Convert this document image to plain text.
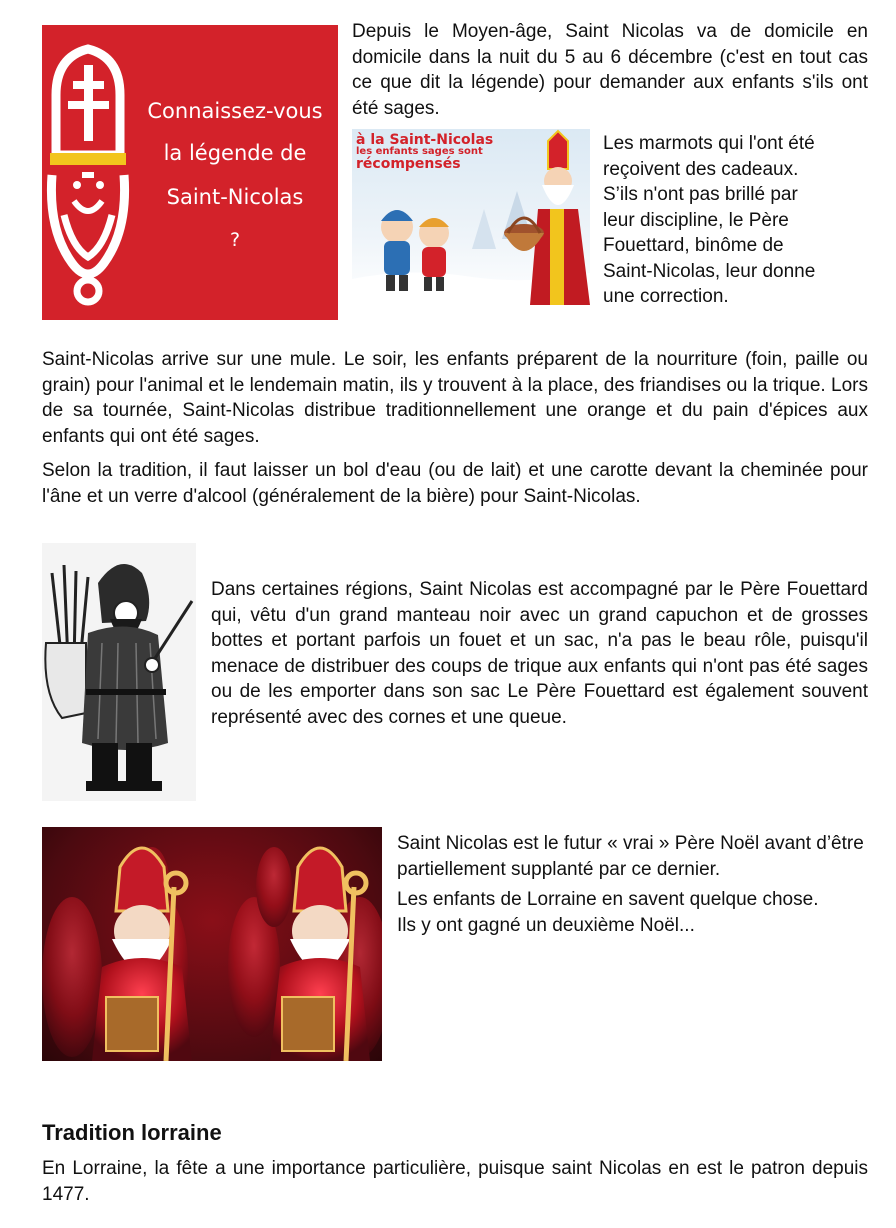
Connaissez-vous
la légende de
Saint-Nicolas
?

Depuis le Moyen-âge, Saint Nicolas va de domicile en domicile dans la nuit du 5 au 6 décembre (c'est en tout cas ce que dit la légende) pour demander aux enfants s'ils ont été sages.

à la Saint-Nicolas
les enfants sages sont
récompensés
Les marmots qui l'ont été
reçoivent des cadeaux.
S’ils n'ont pas brillé par
leur discipline, le Père
Fouettard, binôme de
Saint-Nicolas, leur donne
une correction.

Saint-Nicolas arrive sur une mule. Le soir, les enfants préparent de la nourriture (foin, paille ou grain) pour l'animal et le lendemain matin, ils y trouvent à la place, des friandises ou la trique. Lors de sa tournée, Saint-Nicolas distribue traditionnellement une orange et du pain d'épices aux enfants qui ont été sages.

Selon la tradition, il faut laisser un bol d'eau (ou de lait) et une carotte devant la cheminée pour l'âne et un verre d'alcool (généralement de la bière) pour Saint-Nicolas.

Dans certaines régions, Saint Nicolas est accompagné par le Père Fouettard qui, vêtu d'un grand manteau noir avec un grand capuchon et de grosses bottes et portant parfois un fouet et un sac, n'a pas le beau rôle, puisqu'il menace de distribuer des coups de trique aux enfants qui n'ont pas été sages ou de les emporter dans son sac Le Père Fouettard est également souvent représenté avec des cornes et une queue.

Saint Nicolas est le futur « vrai » Père Noël avant d’être partiellement supplanté par ce dernier.

Les enfants de Lorraine en savent quelque chose. Ils y ont gagné un deuxième Noël...

Tradition lorraine

En Lorraine, la fête a une importance particulière, puisque saint Nicolas en est le patron depuis 1477.
